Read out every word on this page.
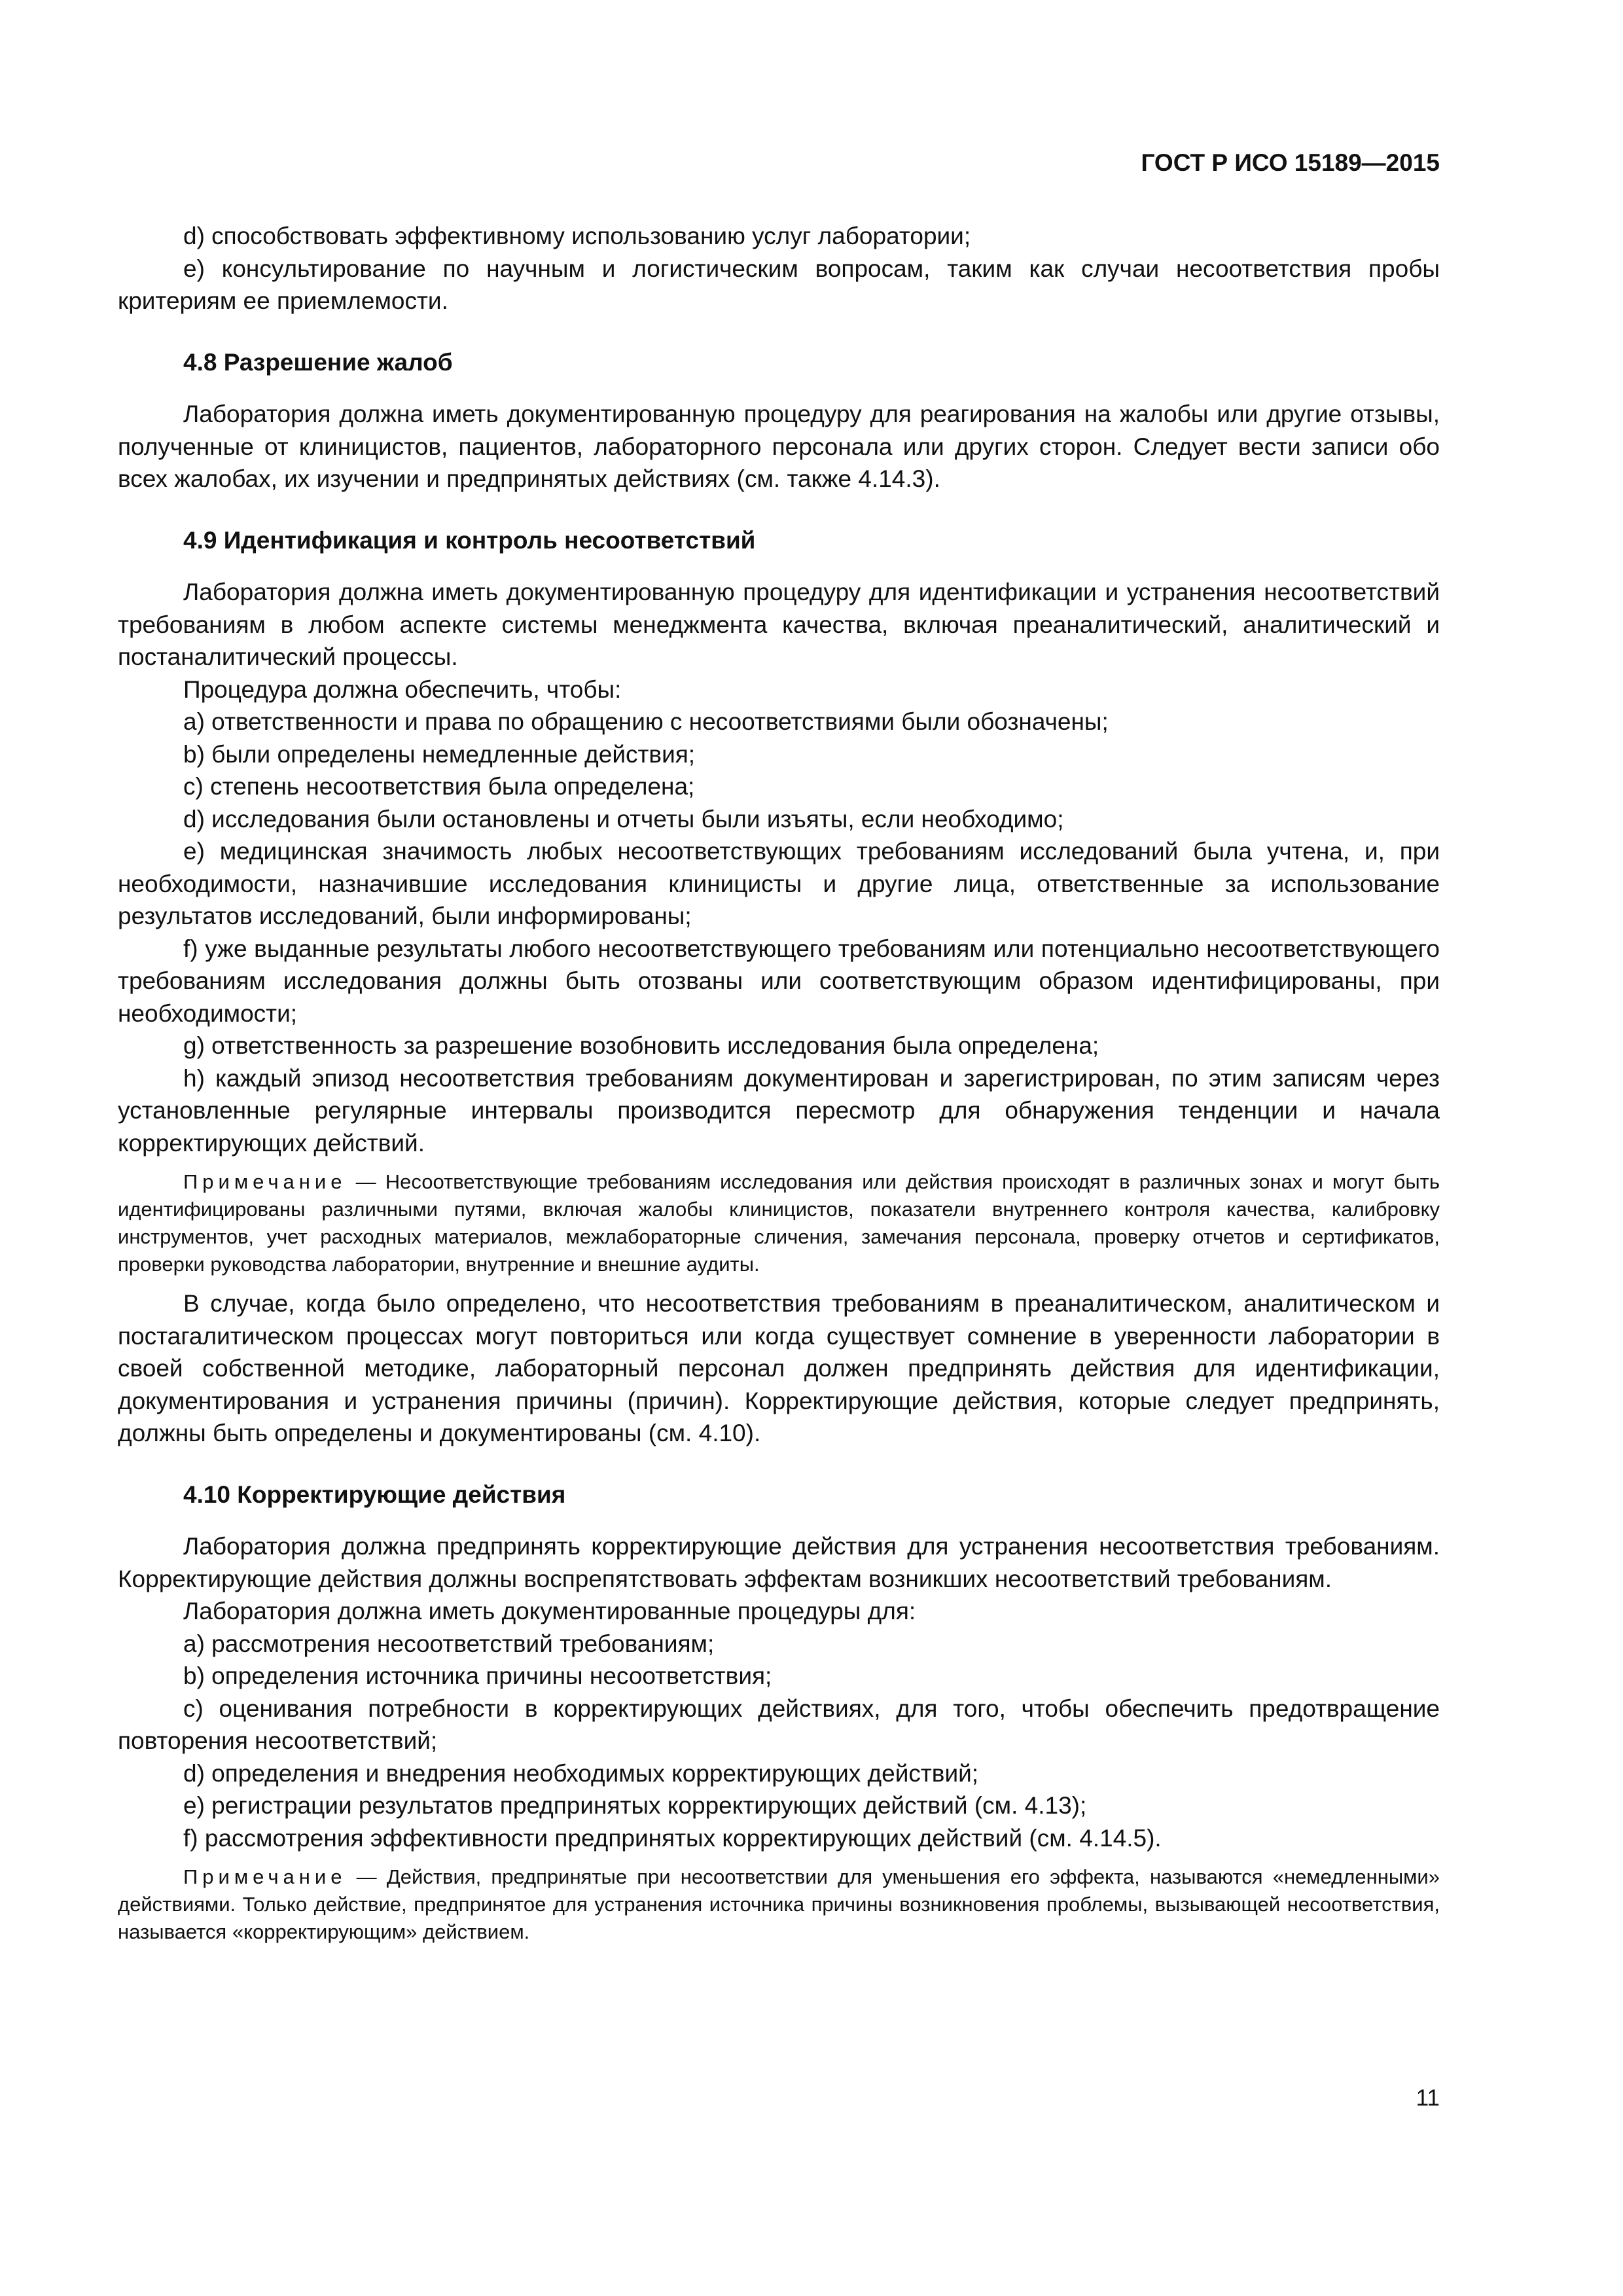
ГОСТ Р ИСО 15189—2015

d) способствовать эффективному использованию услуг лаборатории;

e) консультирование по научным и логистическим вопросам, таким как случаи несоответствия пробы критериям ее приемлемости.

4.8 Разрешение жалоб

Лаборатория должна иметь документированную процедуру для реагирования на жалобы или другие отзывы, полученные от клиницистов, пациентов, лабораторного персонала или других сторон. Следует вести записи обо всех жалобах, их изучении и предпринятых действиях (см. также 4.14.3).

4.9 Идентификация и контроль несоответствий

Лаборатория должна иметь документированную процедуру для идентификации и устранения несоответствий требованиям в любом аспекте системы менеджмента качества, включая преаналитический, аналитический и постаналитический процессы.

Процедура должна обеспечить, чтобы:

a) ответственности и права по обращению с несоответствиями были обозначены;

b) были определены немедленные действия;

c) степень несоответствия была определена;

d) исследования были остановлены и отчеты были изъяты, если необходимо;

e) медицинская значимость любых несоответствующих требованиям исследований была учтена, и, при необходимости, назначившие исследования клиницисты и другие лица, ответственные за использование результатов исследований, были информированы;

f) уже выданные результаты любого несоответствующего требованиям или потенциально несоответствующего требованиям исследования должны быть отозваны или соответствующим образом идентифицированы, при необходимости;

g) ответственность за разрешение возобновить исследования была определена;

h) каждый эпизод несоответствия требованиям документирован и зарегистрирован, по этим записям через установленные регулярные интервалы производится пересмотр для обнаружения тенденции и начала корректирующих действий.

Примечание — Несоответствующие требованиям исследования или действия происходят в различных зонах и могут быть идентифицированы различными путями, включая жалобы клиницистов, показатели внутреннего контроля качества, калибровку инструментов, учет расходных материалов, межлабораторные сличения, замечания персонала, проверку отчетов и сертификатов, проверки руководства лаборатории, внутренние и внешние аудиты.

В случае, когда было определено, что несоответствия требованиям в преаналитическом, аналитическом и постагалитическом процессах могут повториться или когда существует сомнение в уверенности лаборатории в своей собственной методике, лабораторный персонал должен предпринять действия для идентификации, документирования и устранения причины (причин). Корректирующие действия, которые следует предпринять, должны быть определены и документированы (см. 4.10).

4.10 Корректирующие действия

Лаборатория должна предпринять корректирующие действия для устранения несоответствия требованиям. Корректирующие действия должны воспрепятствовать эффектам возникших несоответствий требованиям.

Лаборатория должна иметь документированные процедуры для:

a) рассмотрения несоответствий требованиям;

b) определения источника причины несоответствия;

c) оценивания потребности в корректирующих действиях, для того, чтобы обеспечить предотвращение повторения несоответствий;

d) определения и внедрения необходимых корректирующих действий;

e) регистрации результатов предпринятых корректирующих действий (см. 4.13);

f) рассмотрения эффективности предпринятых корректирующих действий (см. 4.14.5).

Примечание — Действия, предпринятые при несоответствии для уменьшения его эффекта, называются «немедленными» действиями. Только действие, предпринятое для устранения источника причины возникновения проблемы, вызывающей несоответствия, называется «корректирующим» действием.

11
